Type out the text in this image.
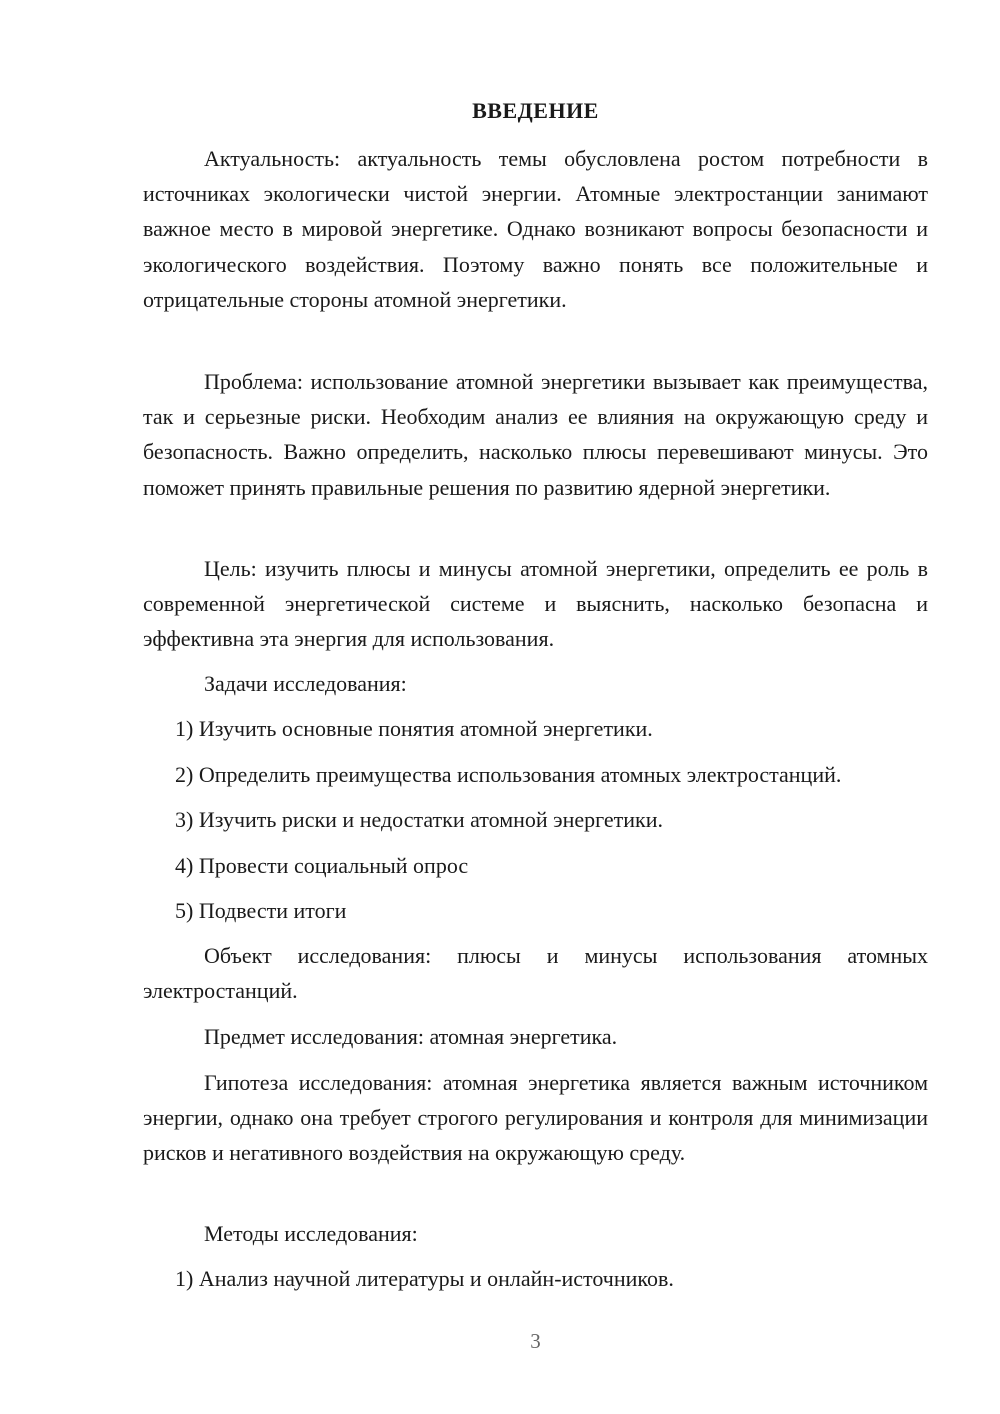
ВВЕДЕНИЕ

Актуальность: актуальность темы обусловлена ростом потребности в источниках экологически чистой энергии. Атомные электростанции занимают важное место в мировой энергетике. Однако возникают вопросы безопасности и экологического воздействия. Поэтому важно понять все положительные и отрицательные стороны атомной энергетики.

Проблема: использование атомной энергетики вызывает как преимущества, так и серьезные риски. Необходим анализ ее влияния на окружающую среду и безопасность. Важно определить, насколько плюсы перевешивают минусы. Это поможет принять правильные решения по развитию ядерной энергетики.

Цель: изучить плюсы и минусы атомной энергетики, определить ее роль в современной энергетической системе и выяснить, насколько безопасна и эффективна эта энергия для использования.

Задачи исследования:

1) Изучить основные понятия атомной энергетики.

2) Определить преимущества использования атомных электростанций.

3) Изучить риски и недостатки атомной энергетики.

4) Провести социальный опрос

5) Подвести итоги

Объект исследования: плюсы и минусы использования атомных электростанций.

Предмет исследования: атомная энергетика.

Гипотеза исследования: атомная энергетика является важным источником энергии, однако она требует строгого регулирования и контроля для минимизации рисков и негативного воздействия на окружающую среду.

Методы исследования:

1) Анализ научной литературы и онлайн-источников.

3
